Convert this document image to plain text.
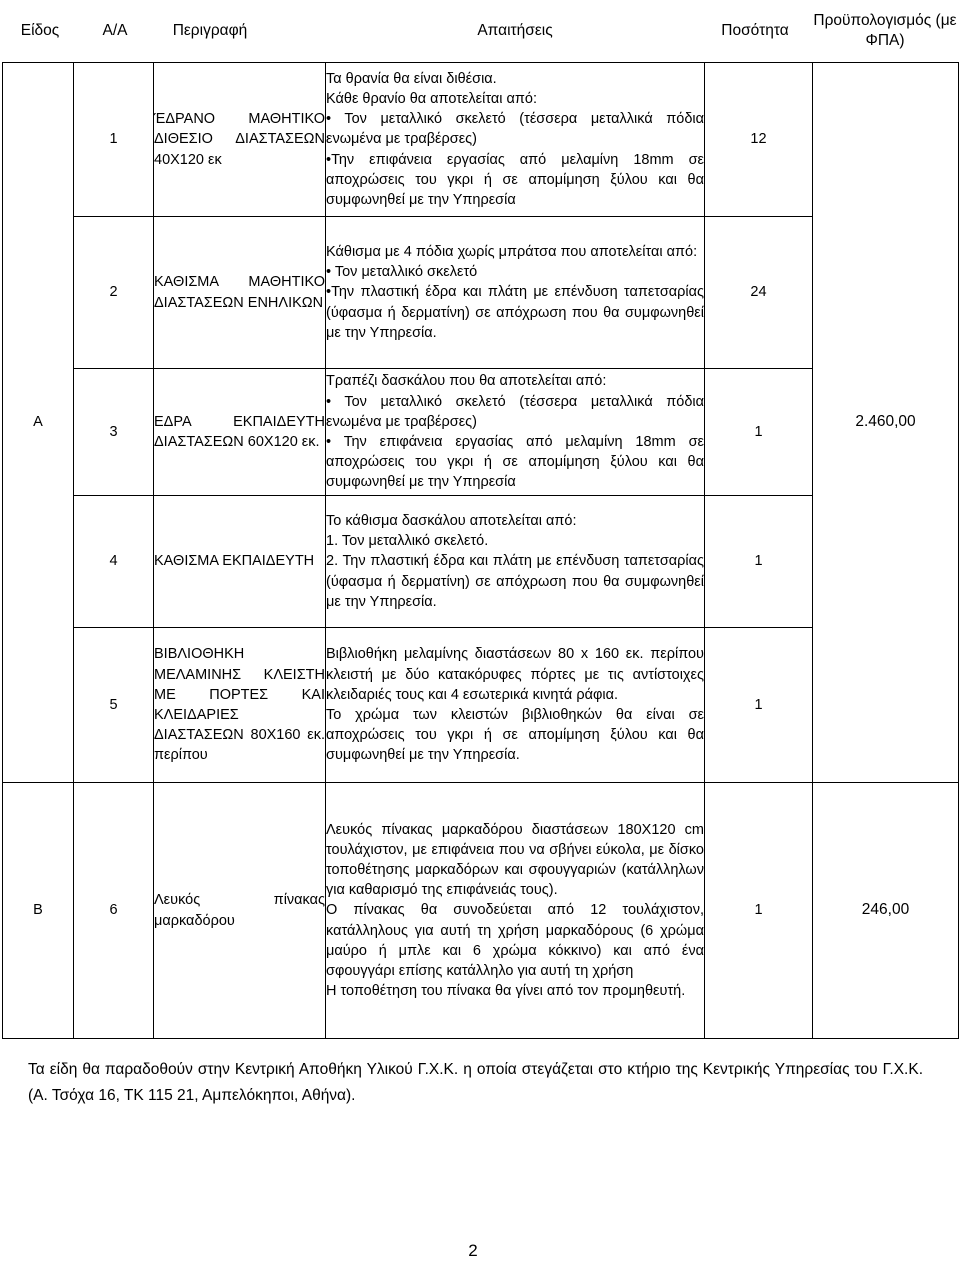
Είδος	Α/Α	Περιγραφή	Απαιτήσεις	Ποσότητα
Προϋπολογισμός (με ΦΠΑ)
Α	1	ΈΔΡΑΝΟ ΜΑΘΗΤΙΚΟ ΔΙΘΕΣΙΟ ΔΙΑΣΤΑΣΕΩΝ 40Χ120 εκ	Τα θρανία θα είναι διθέσια.
Κάθε θρανίο θα αποτελείται από:
• Τον μεταλλικό σκελετό (τέσσερα μεταλλικά πόδια ενωμένα με τραβέρσες)
•Την επιφάνεια εργασίας από μελαμίνη 18mm σε αποχρώσεις του γκρι ή σε απομίμηση ξύλου και θα συμφωνηθεί με την Υπηρεσία	12	2.460,00
	2	ΚΑΘΙΣΜΑ ΜΑΘΗΤΙΚΟ ΔΙΑΣΤΑΣΕΩΝ ΕΝΗΛΙΚΩΝ	Κάθισμα με 4 πόδια χωρίς μπράτσα που αποτελείται από:
• Τον μεταλλικό σκελετό
•Την πλαστική έδρα και πλάτη με επένδυση ταπετσαρίας (ύφασμα ή δερματίνη) σε απόχρωση που θα συμφωνηθεί με την Υπηρεσία.	24	
	3	ΕΔΡΑ ΕΚΠΑΙΔΕΥΤΗ ΔΙΑΣΤΑΣΕΩΝ 60Χ120 εκ.	Τραπέζι δασκάλου που θα αποτελείται από:
• Τον μεταλλικό σκελετό (τέσσερα μεταλλικά πόδια ενωμένα με τραβέρσες)
• Την επιφάνεια εργασίας από μελαμίνη 18mm σε αποχρώσεις του γκρι ή σε απομίμηση ξύλου και θα συμφωνηθεί με την Υπηρεσία	1	
	4	ΚΑΘΙΣΜΑ ΕΚΠΑΙΔΕΥΤΗ	Το κάθισμα δασκάλου αποτελείται από:
1. Τον μεταλλικό σκελετό.
2. Την πλαστική έδρα και πλάτη με επένδυση ταπετσαρίας (ύφασμα ή δερματίνη) σε απόχρωση που θα συμφωνηθεί με την Υπηρεσία.	1	
	5	ΒΙΒΛΙΟΘΗΚΗ ΜΕΛΑΜΙΝΗΣ ΚΛΕΙΣΤΗ ΜΕ ΠΟΡΤΕΣ ΚΑΙ ΚΛΕΙΔΑΡΙΕΣ ΔΙΑΣΤΑΣΕΩΝ 80Χ160 εκ. περίπου	Βιβλιοθήκη μελαμίνης διαστάσεων 80 x 160 εκ. περίπου κλειστή με δύο κατακόρυφες πόρτες με τις αντίστοιχες κλειδαριές τους και 4 εσωτερικά κινητά ράφια.
Το χρώμα των κλειστών βιβλιοθηκών θα είναι σε αποχρώσεις του γκρι ή σε απομίμηση ξύλου και θα συμφωνηθεί με την Υπηρεσία.	1	
Β	6	Λευκός πίνακας μαρκαδόρου	Λευκός πίνακας μαρκαδόρου διαστάσεων 180Χ120 cm τουλάχιστον, με επιφάνεια που να σβήνει εύκολα, με δίσκο τοποθέτησης μαρκαδόρων και σφουγγαριών (κατάλληλων για καθαρισμό της επιφάνειάς τους).
Ο πίνακας θα συνοδεύεται από 12 τουλάχιστον, κατάλληλους για αυτή τη χρήση μαρκαδόρους (6 χρώμα μαύρο ή μπλε και 6 χρώμα κόκκινο) και από ένα σφουγγάρι επίσης κατάλληλο για αυτή τη χρήση
Η τοποθέτηση του πίνακα θα γίνει από τον προμηθευτή.	1	246,00
Τα είδη θα παραδοθούν στην Κεντρική Αποθήκη Υλικού Γ.Χ.Κ. η οποία στεγάζεται στο κτήριο της Κεντρικής Υπηρεσίας του Γ.Χ.Κ. (Α. Τσόχα 16, ΤΚ 115 21, Αμπελόκηποι, Αθήνα).
2
